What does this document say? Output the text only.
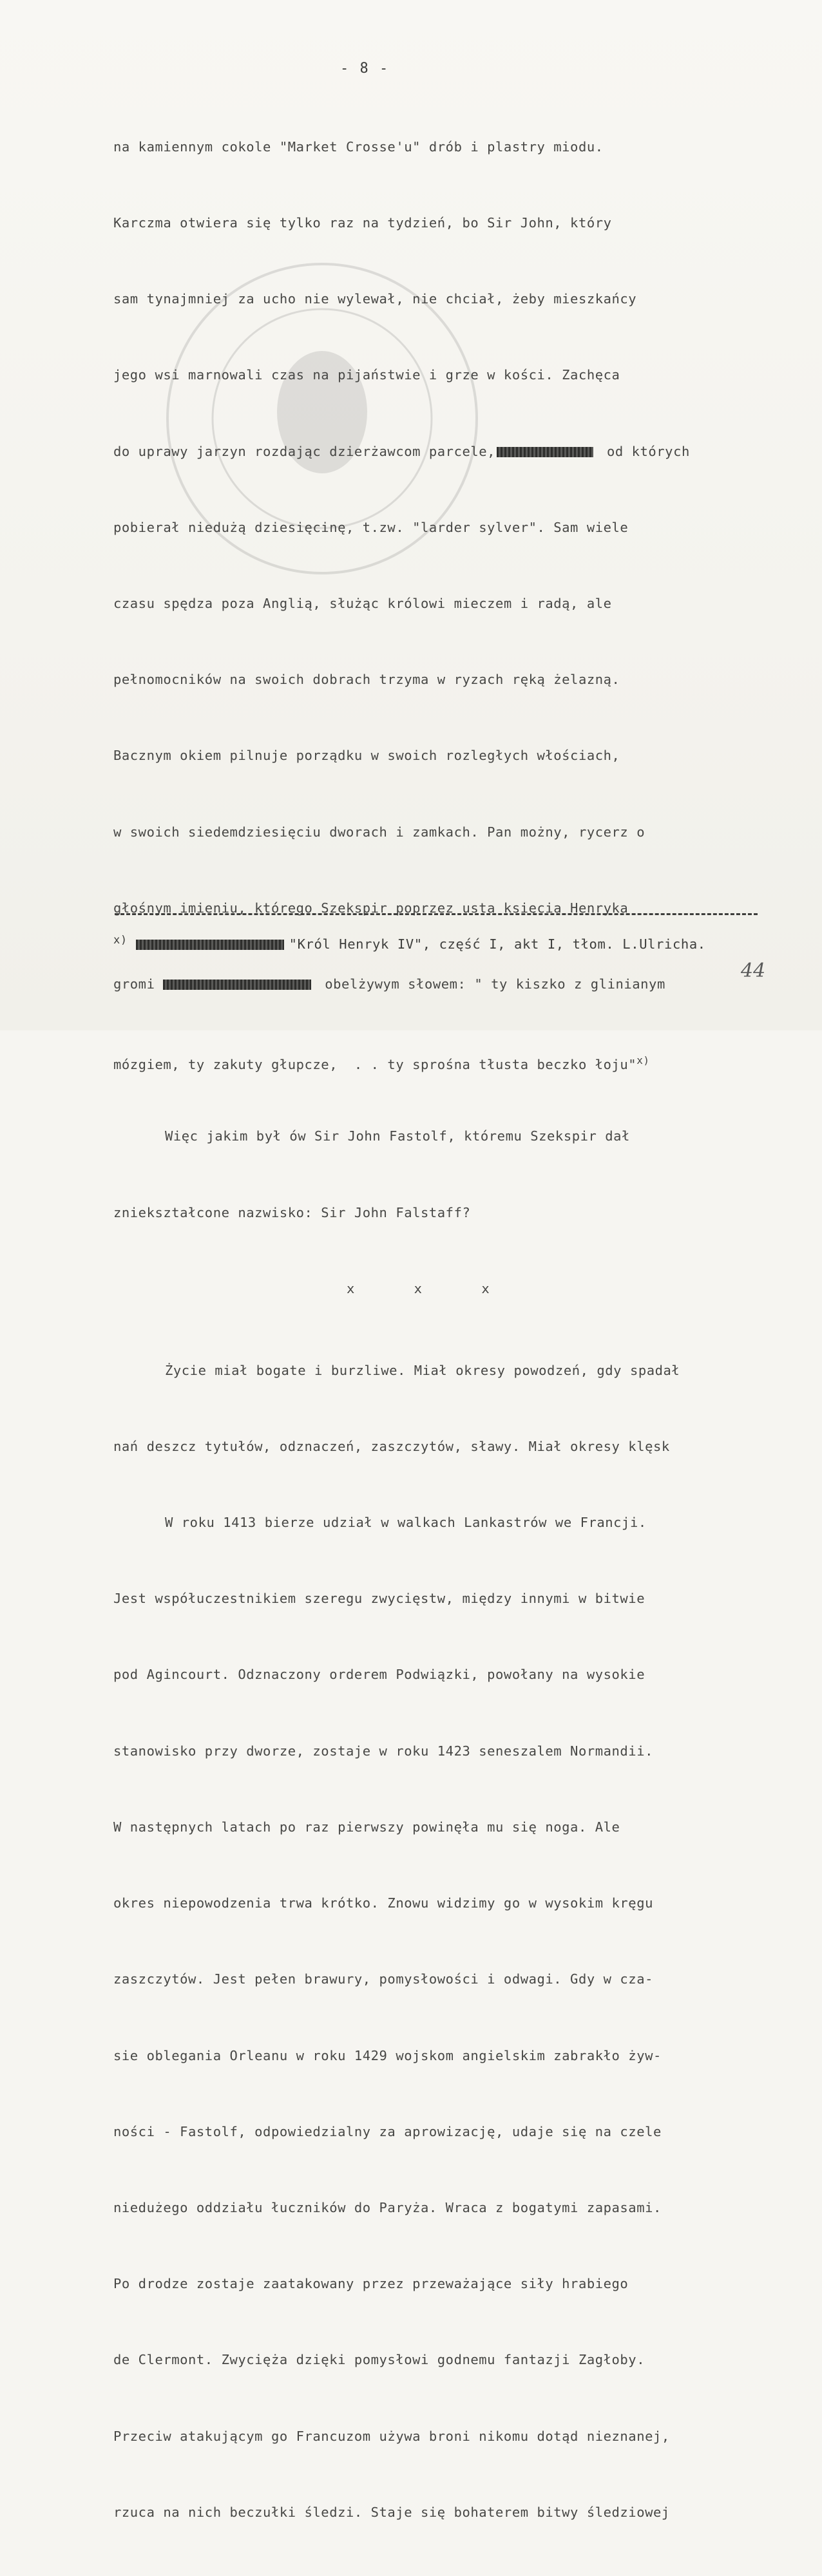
- 8 -

na kamiennym cokole "Market Crosse'u" drób i plastry miodu.

Karczma otwiera się tylko raz na tydzień, bo Sir John, który

sam tynajmniej za ucho nie wylewał, nie chciał, żeby mieszkańcy

jego wsi marnowali czas na pijaństwie i grze w kości. Zachęca

do uprawy jarzyn rozdając dzierżawcom parcele,	od których

pobierał niedużą dziesięcinę, t.zw. "larder sylver". Sam wiele

czasu spędza poza Anglią, służąc królowi mieczem i radą, ale

pełnomocników na swoich dobrach trzyma w ryzach ręką żelazną.

Bacznym okiem pilnuje porządku w swoich rozległych włościach,

w swoich siedemdziesięciu dworach i zamkach. Pan możny, rycerz o

głośnym imieniu, którego Szekspir poprzez usta księcia Henryka

gromi	obelżywym słowem: " ty kiszko z glinianym

mózgiem, ty zakuty głupcze,  . . ty sprośna tłusta beczko łoju"$^{x)}$

Więc jakim był ów Sir John Fastolf, któremu Szekspir dał

zniekształcone nazwisko: Sir John Falstaff?

x x x

Życie miał bogate i burzliwe. Miał okresy powodzeń, gdy spadał

nań deszcz tytułów, odznaczeń, zaszczytów, sławy. Miał okresy klęsk

W roku 1413 bierze udział w walkach Lankastrów we Francji.

Jest współuczestnikiem szeregu zwycięstw, między innymi w bitwie

pod Agincourt. Odznaczony orderem Podwiązki, powołany na wysokie

stanowisko przy dworze, zostaje w roku 1423 seneszalem Normandii.

W następnych latach po raz pierwszy powinęła mu się noga. Ale

okres niepowodzenia trwa krótko. Znowu widzimy go w wysokim kręgu

zaszczytów. Jest pełen brawury, pomysłowości i odwagi. Gdy w cza-

sie oblegania Orleanu w roku 1429 wojskom angielskim zabrakło żyw-

ności - Fastolf, odpowiedzialny za aprowizację, udaje się na czele

niedużego oddziału łuczników do Paryża. Wraca z bogatymi zapasami.

Po drodze zostaje zaatakowany przez przeważające siły hrabiego

de Clermont. Zwycięża dzięki pomysłowi godnemu fantazji Zagłoby.

Przeciw atakującym go Francuzom używa broni nikomu dotąd nieznanej,

rzuca na nich beczułki śledzi. Staje się bohaterem bitwy śledziowej

$^{x)}$	"Król Henryk IV", część I, akt I, tłom. L.Ulricha.
44
